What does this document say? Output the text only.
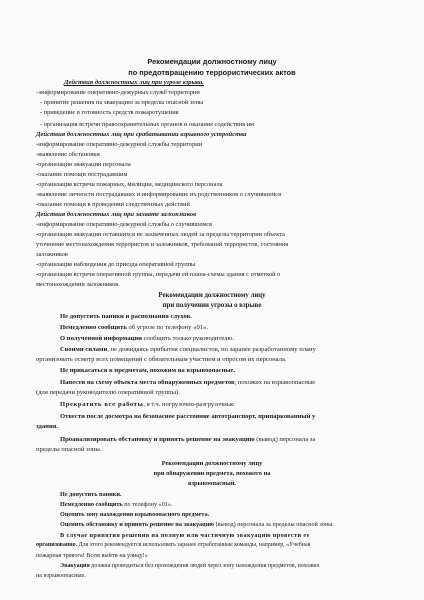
Рекомендации должностному лицу
по предотвращению террористических актов
Действия должностных лиц при угрозе взрыва.
–информирование оперативно-дежурных служб территории
- принятие решения на эвакуацию за пределы опасной зоны
- приведение в готовность средств пожаротушения
- организация встречи правоохранительных органов и оказание содействия им
Действия должностных лиц при срабатывании взрывного устройства
-информирование оперативно-дежурной службы территории
-выявление обстановки
-организация эвакуации персонала
-оказание помощи пострадавшим
-организация встречи пожарных, милиции, медицинского персонала
-выявление личности пострадавших и информирование их родственников о случившемся
-оказание помощи в проведении следственных действий
Действия должностных лиц при захвате заложников
-информирование оперативно-дежурной службы о случившемся
-организация эвакуации оставшихся не захваченных людей за пределы территории объекта
уточнение местонахождения террористов и заложников, требований террористов, состояния
заложников
-организация наблюдения до приезда оперативной группы
-организация встречи оперативной группы, передачи ей плана-схемы здания с отметкой о
местонахождении заложников.
Рекомендации должностному лицу
при получении угрозы о взрыве
Не допустить паники и распознания слухов.
Немедленно сообщить об угрозе по телефону «01».
О полученной информации сообщить только руководителю.
Своими силами, не дожидаясь прибытия специалистов, по заранее разработанному плану
организовать осмотр всех помещений с обязательным участием и опросом их персонала.
Не прикасаться к предметам, похожим на взрывоопасные.
Нанести на схему объекта места обнаруженных предметов, похожих на взрывоопасные
(для передачи руководителю оперативной группы).
Прекратить все работы, в т.ч. погрузочно-разгрузочные.
Отвести после досмотра на безопасное расстояние автотранспорт, припаркованный у
здания.
Проанализировать обстановку и принять решение на эвакуацию (вывод) персонала за
пределы опасной зоны.
Рекомендации должностному лицу
при обнаружении предмета, похожего на
взрывоопасный.
Не допустить паники.
Немедленно сообщить по телефону «01».
Оцепить зону нахождения взрывоопасного предмета.
Оценить обстановку и принять решение на эвакуацию (вывод) персонала за пределы опасной зоны.
В случае принятия решения на полную или частичную эвакуацию провести ее
организованно. Для этого рекомендуется использовать заранее отработанные команды, например, «Учебная
пожарная тревога! Всем выйти на улицу!»
Эвакуация должна проводиться без прохождения людей через зону нахождения предметов, похожих
на взрывоопасные.
